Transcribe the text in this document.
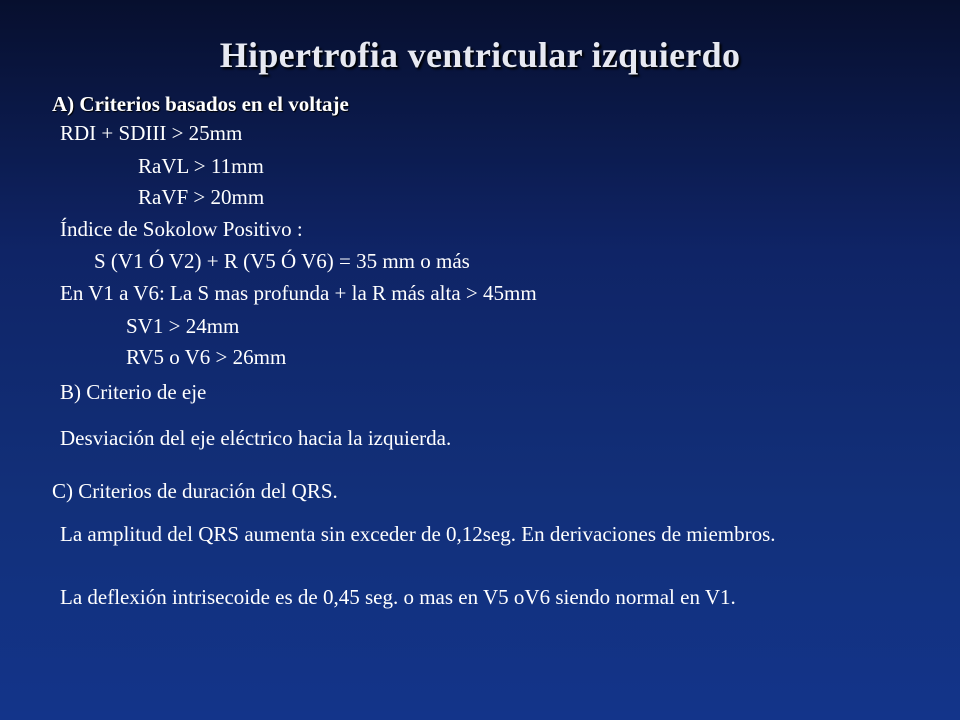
Hipertrofia ventricular izquierdo
A) Criterios basados en el voltaje
RDI + SDIII > 25mm
RaVL > 11mm
RaVF > 20mm
Índice de Sokolow Positivo :
S (V1 Ó V2) + R (V5 Ó V6) = 35 mm o más
En V1 a V6: La S mas profunda + la R más alta > 45mm
SV1 > 24mm
RV5 o V6 > 26mm
B) Criterio de eje
Desviación del eje eléctrico hacia la izquierda.
C) Criterios de duración del QRS.

La amplitud del QRS aumenta sin exceder de 0,12seg. En derivaciones de miembros.

La deflexión intrisecoide es de 0,45 seg. o mas en V5 oV6 siendo normal en V1.
